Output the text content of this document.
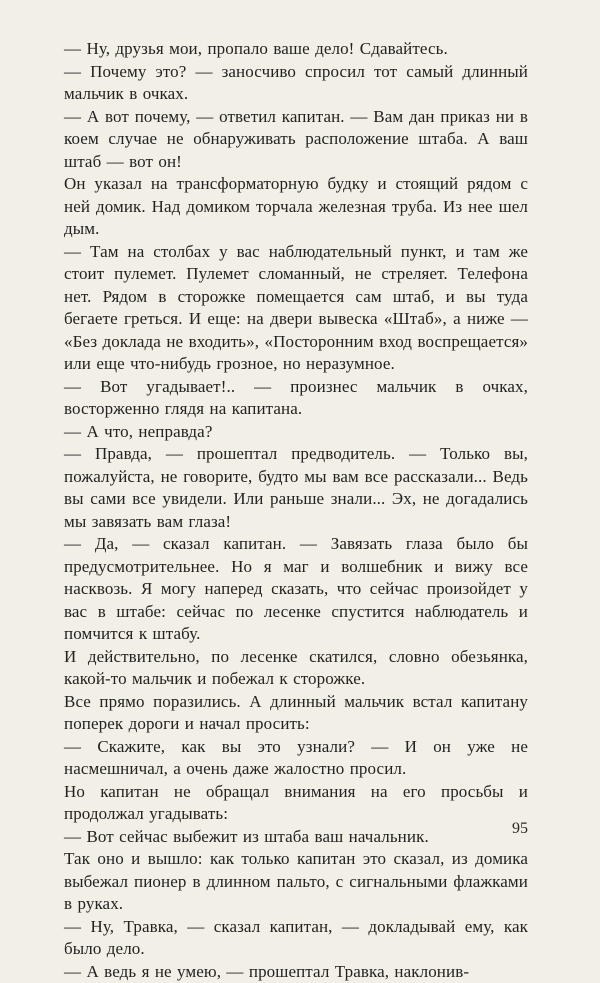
— Ну, друзья мои, пропало ваше дело! Сдавайтесь.

— Почему это? — заносчиво спросил тот самый длинный мальчик в очках.

— А вот почему, — ответил капитан. — Вам дан приказ ни в коем случае не обнаруживать расположение штаба. А ваш штаб — вот он!

Он указал на трансформаторную будку и стоящий рядом с ней домик. Над домиком торчала железная труба. Из нее шел дым.

— Там на столбах у вас наблюдательный пункт, и там же стоит пулемет. Пулемет сломанный, не стреляет. Телефона нет. Рядом в сторожке помещается сам штаб, и вы туда бегаете греться. И еще: на двери вывеска «Штаб», а ниже — «Без доклада не входить», «Посторонним вход воспрещается» или еще что-нибудь грозное, но неразумное.

— Вот угадывает!.. — произнес мальчик в очках, восторженно глядя на капитана.

— А что, неправда?

— Правда, — прошептал предводитель. — Только вы, пожалуйста, не говорите, будто мы вам все рассказали... Ведь вы сами все увидели. Или раньше знали... Эх, не догадались мы завязать вам глаза!

— Да, — сказал капитан. — Завязать глаза было бы предусмотрительнее. Но я маг и волшебник и вижу все насквозь. Я могу наперед сказать, что сейчас произойдет у вас в штабе: сейчас по лесенке спустится наблюдатель и помчится к штабу.

И действительно, по лесенке скатился, словно обезьянка, какой-то мальчик и побежал к сторожке.

Все прямо поразились. А длинный мальчик встал капитану поперек дороги и начал просить:

— Скажите, как вы это узнали? — И он уже не насмешничал, а очень даже жалостно просил.

Но капитан не обращал внимания на его просьбы и продолжал угадывать:

— Вот сейчас выбежит из штаба ваш начальник.

Так оно и вышло: как только капитан это сказал, из домика выбежал пионер в длинном пальто, с сигнальными флажками в руках.

— Ну, Травка, — сказал капитан, — докладывай ему, как было дело.

— А ведь я не умею, — прошептал Травка, наклонив-

95
